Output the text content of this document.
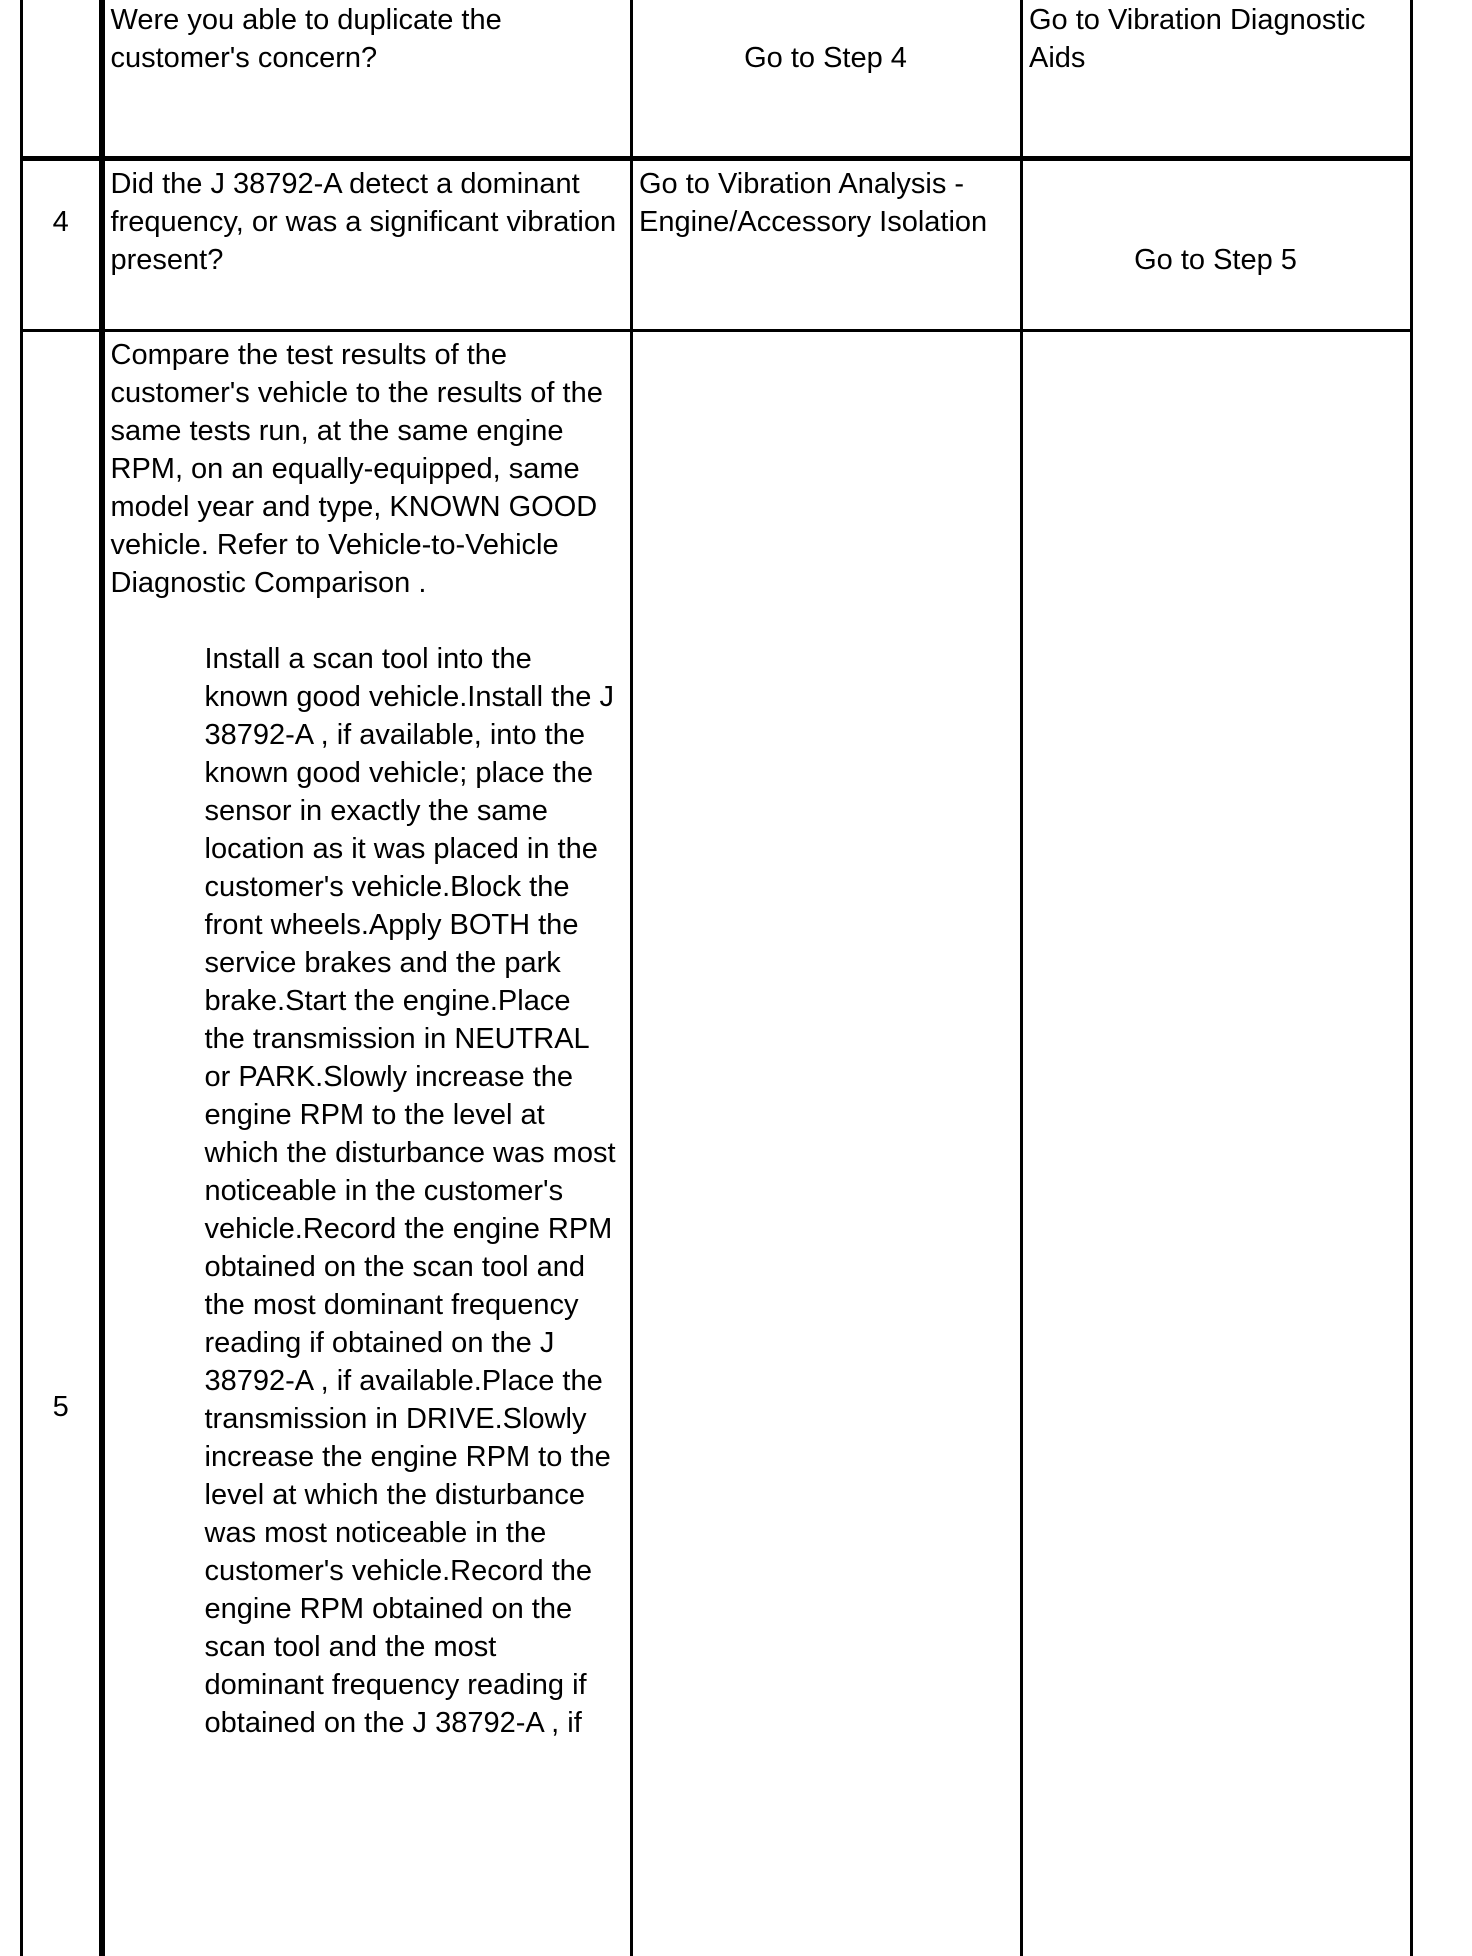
	Were you able to duplicate the customer's concern?	Go to Step 4	Go to Vibration Diagnostic Aids

4	Did the J 38792-A detect a dominant frequency, or was a significant vibration present?	Go to Vibration Analysis - Engine/Accessory Isolation	Go to Step 5

5	Compare the test results of the customer's vehicle to the results of the same tests run, at the same engine RPM, on an equally-equipped, same model year and type, KNOWN GOOD vehicle. Refer to Vehicle-to-Vehicle Diagnostic Comparison .
Install a scan tool into the known good vehicle.Install the J 38792-A , if available, into the known good vehicle; place the sensor in exactly the same location as it was placed in the customer's vehicle.Block the front wheels.Apply BOTH the service brakes and the park brake.Start the engine.Place the transmission in NEUTRAL or PARK.Slowly increase the engine RPM to the level at which the disturbance was most noticeable in the customer's vehicle.Record the engine RPM obtained on the scan tool and the most dominant frequency reading if obtained on the J 38792-A , if available.Place the transmission in DRIVE.Slowly increase the engine RPM to the level at which the disturbance was most noticeable in the customer's vehicle.Record the engine RPM obtained on the scan tool and the most dominant frequency reading if obtained on the J 38792-A , if		
